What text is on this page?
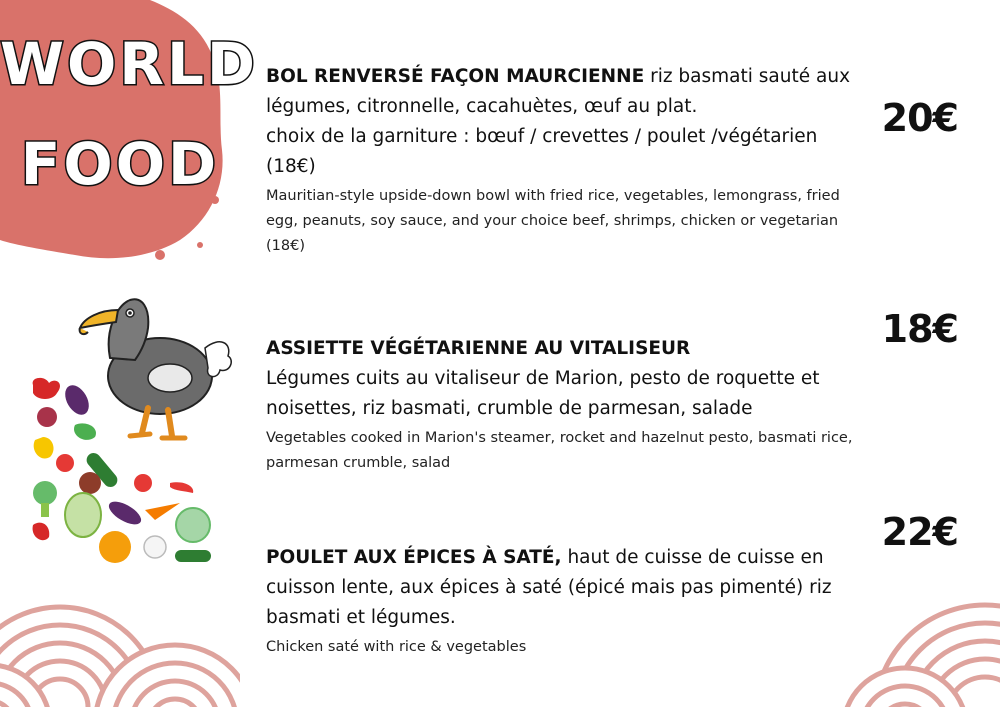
WORLD
FOOD
BOL RENVERSÉ FAÇON MAURCIENNE riz basmati sauté aux légumes, citronnelle, cacahuètes, œuf au plat.
choix de la garniture : bœuf / crevettes / poulet /végétarien (18€)
Mauritian-style upside-down bowl with fried rice, vegetables, lemongrass, fried egg, peanuts, soy sauce, and your choice beef, shrimps, chicken or vegetarian (18€)
20€
ASSIETTE VÉGÉTARIENNE AU VITALISEUR
Légumes cuits au vitaliseur de Marion, pesto de roquette et noisettes, riz basmati, crumble de parmesan, salade
Vegetables cooked in Marion's steamer, rocket and hazelnut pesto, basmati rice, parmesan crumble, salad
18€
POULET AUX ÉPICES À SATÉ, haut de cuisse de cuisse en cuisson lente, aux épices à saté (épicé mais pas pimenté) riz basmati et légumes.
Chicken saté with rice & vegetables
22€
